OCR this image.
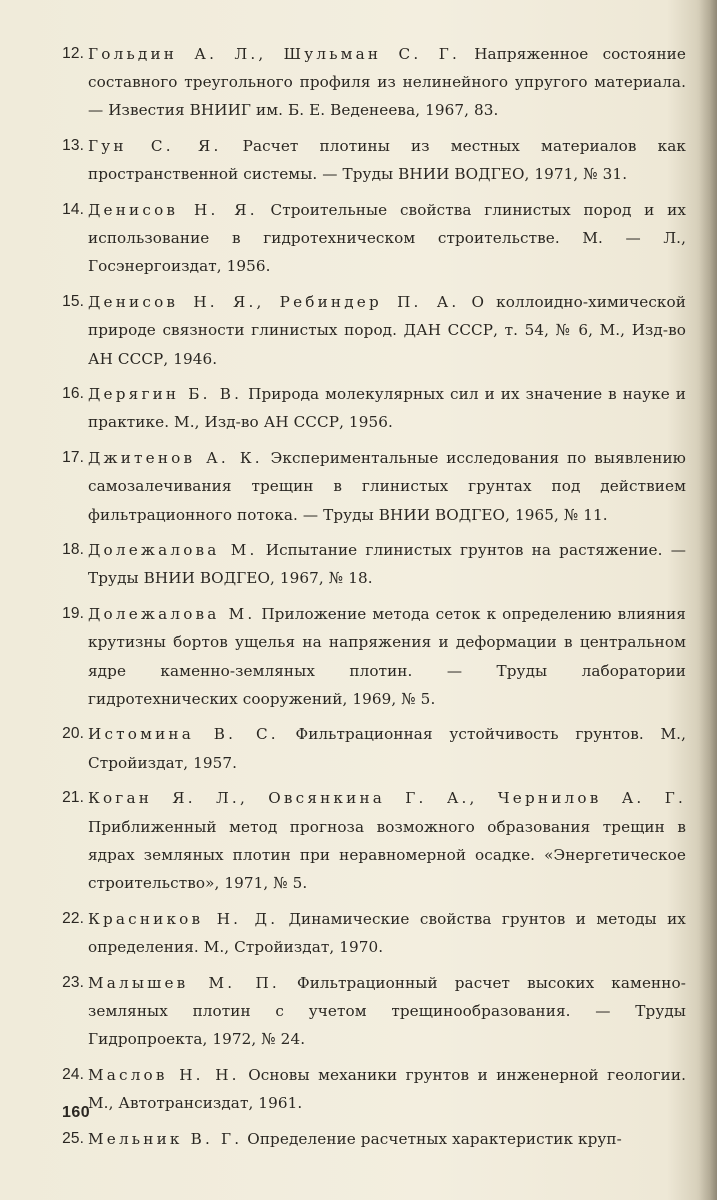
12. Гольдин А. Л., Шульман С. Г. Напряженное состояние составного треугольного профиля из нелинейного упругого материала. — Известия ВНИИГ им. Б. Е. Веденеева, 1967, 83.
13. Гун С. Я. Расчет плотины из местных материалов как пространственной системы. — Труды ВНИИ ВОДГЕО, 1971, № 31.
14. Денисов Н. Я. Строительные свойства глинистых пород и их использование в гидротехническом строительстве. М. — Л., Госэнергоиздат, 1956.
15. Денисов Н. Я., Ребиндер П. А. О коллоидно-химической природе связности глинистых пород. ДАН СССР, т. 54, № 6, М., Изд-во АН СССР, 1946.
16. Дерягин Б. В. Природа молекулярных сил и их значение в науке и практике. М., Изд-во АН СССР, 1956.
17. Джитенов А. К. Экспериментальные исследования по выявлению самозалечивания трещин в глинистых грунтах под действием фильтрационного потока. — Труды ВНИИ ВОДГЕО, 1965, № 11.
18. Долежалова М. Испытание глинистых грунтов на растяжение. — Труды ВНИИ ВОДГЕО, 1967, № 18.
19. Долежалова М. Приложение метода сеток к определению влияния крутизны бортов ущелья на напряжения и деформации в центральном ядре каменно-земляных плотин. — Труды лаборатории гидротехнических сооружений, 1969, № 5.
20. Истомина В. С. Фильтрационная устойчивость грунтов. М., Стройиздат, 1957.
21. Коган Я. Л., Овсянкина Г. А., Чернилов А. Г. Приближенный метод прогноза возможного образования трещин в ядрах земляных плотин при неравномерной осадке. «Энергетическое строительство», 1971, № 5.
22. Красников Н. Д. Динамические свойства грунтов и методы их определения. М., Стройиздат, 1970.
23. Малышев М. П. Фильтрационный расчет высоких каменно-земляных плотин с учетом трещинообразования. — Труды Гидропроекта, 1972, № 24.
24. Маслов Н. Н. Основы механики грунтов и инженерной геологии. М., Автотрансиздат, 1961.
25. Мельник В. Г. Определение расчетных характеристик круп-
160
